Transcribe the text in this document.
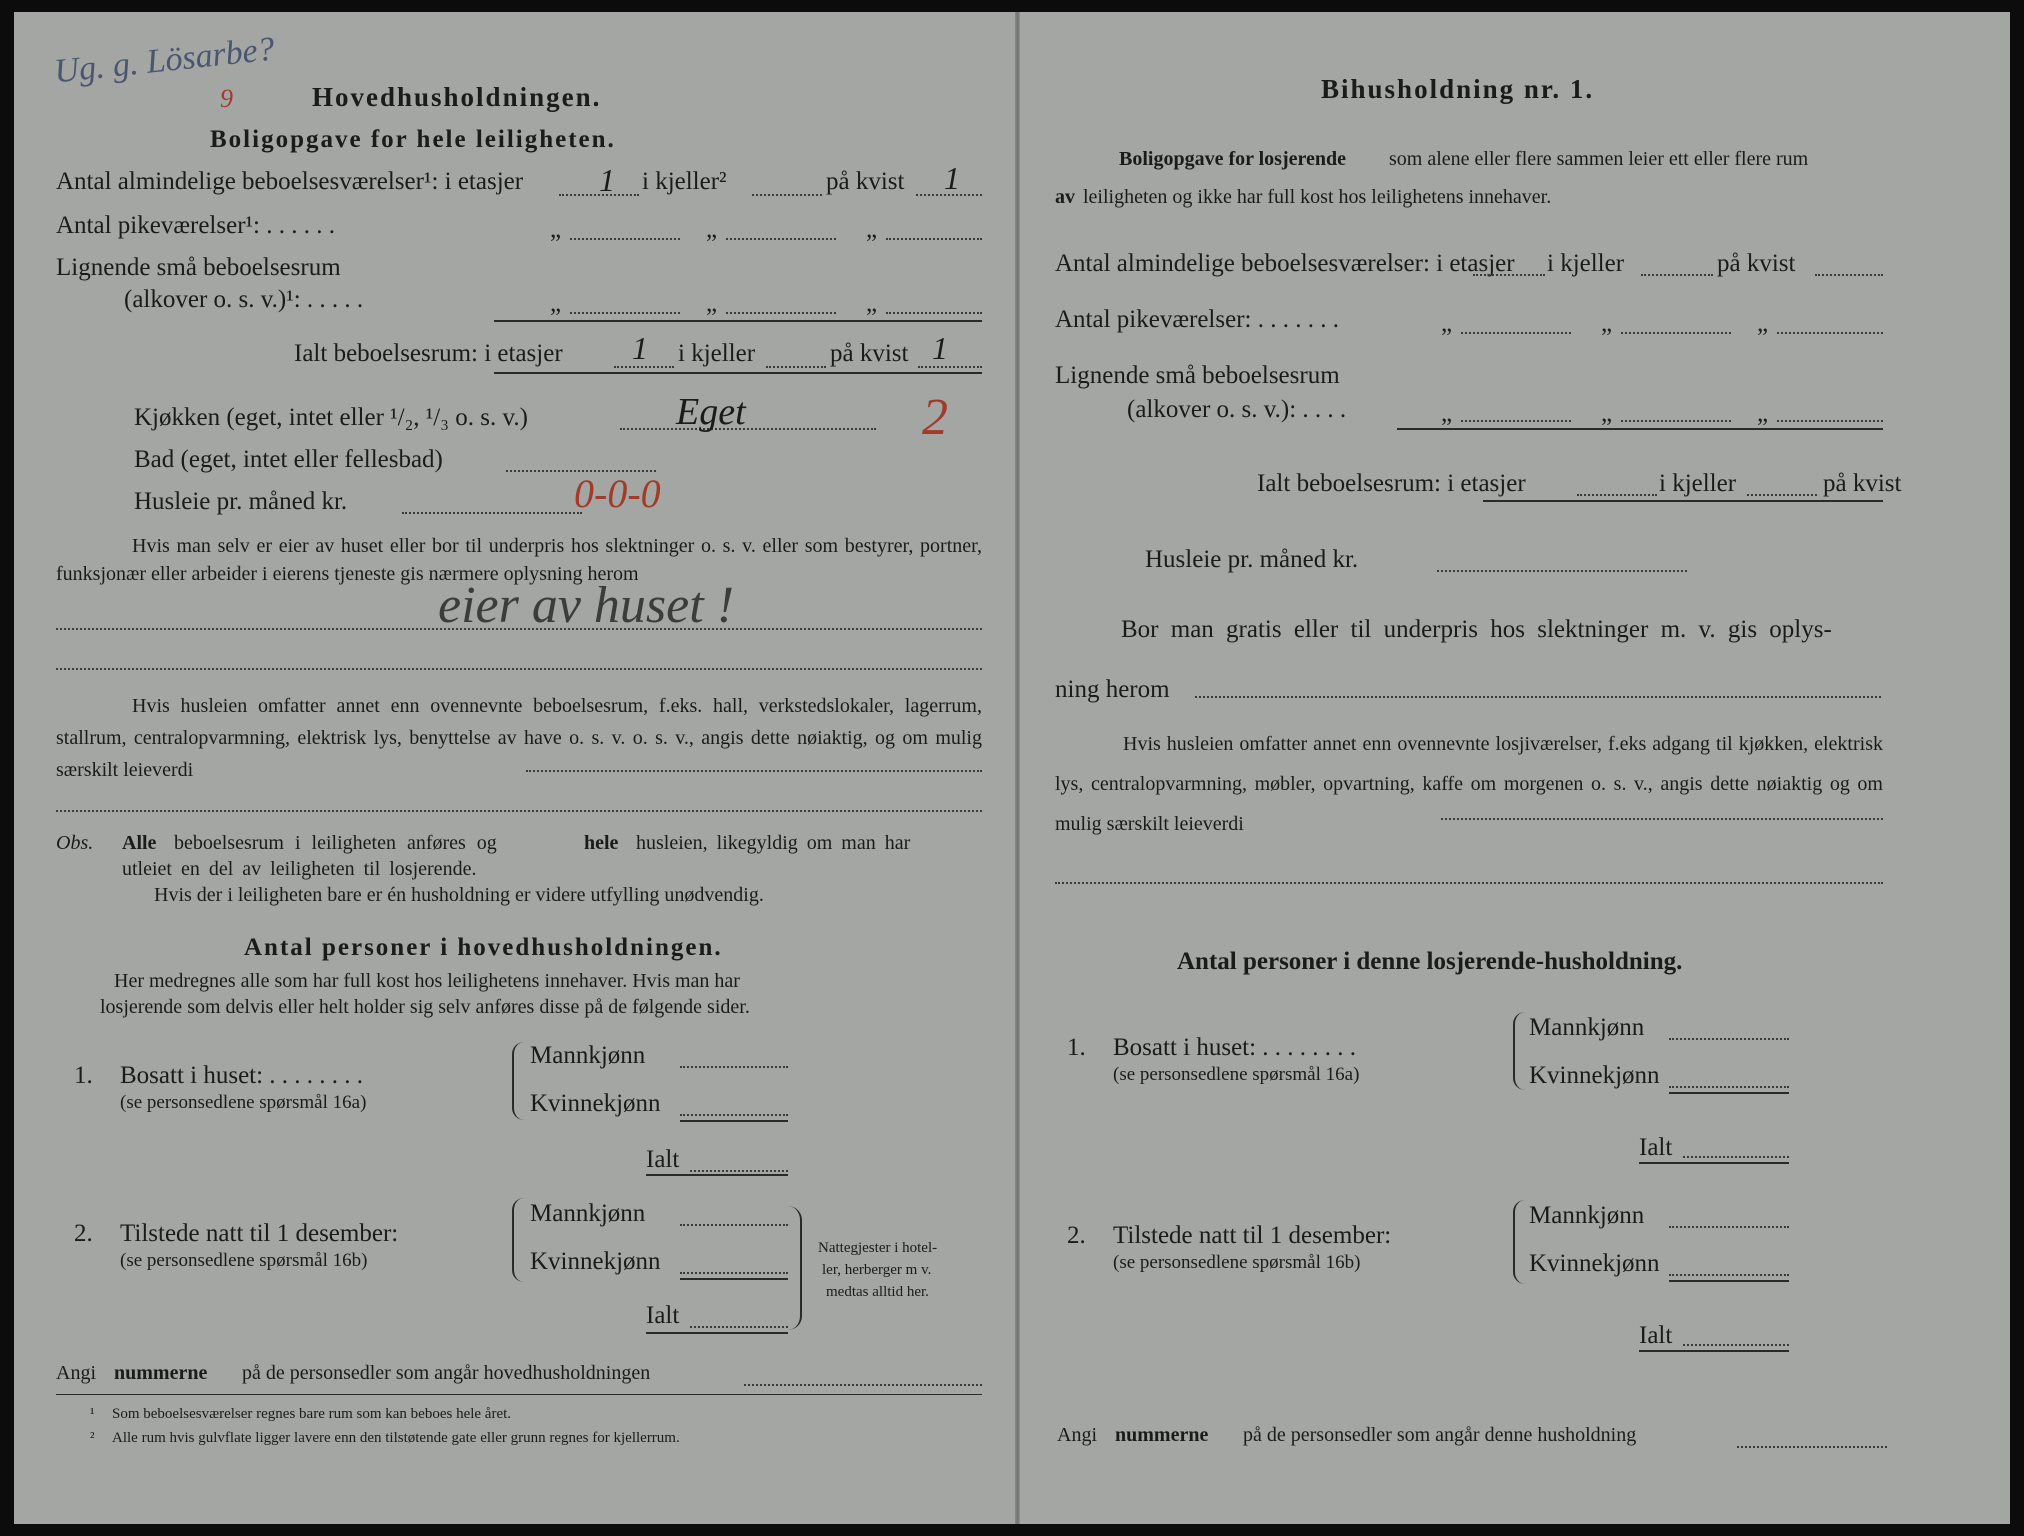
Ug. g. Lösarbe?
9	Hovedhusholdningen.
Boligopgave for hele leiligheten.
Antal almindelige beboelsesværelser¹: i etasjer 1 i kjeller²	på kvist 1
Antal pikeværelser¹: . . . . . .	„	„	„
Lignende små beboelsesrum
(alkover o. s. v.)¹: . . . . .	„	„	„
Ialt beboelsesrum: i etasjer 1 i kjeller	på kvist 1
Kjøkken (eget, intet eller ¹/₂, ¹/₃ o. s. v.)	Eget	2
Bad (eget, intet eller fellesbad)
Husleie pr. måned kr.	0-0-0
Hvis man selv er eier av huset eller bor til underpris hos slektninger o. s. v. eller som bestyrer, portner, funksjonær eller arbeider i eierens tjeneste gis nærmere oplysning herom
eier av huset !
Hvis husleien omfatter annet enn ovennevnte beboelsesrum, f.eks. hall, verkstedslokaler, lagerrum, stallrum, centralopvarmning, elektrisk lys, benyttelse av have o. s. v. o. s. v., angis dette nøiaktig, og om mulig særskilt leieverdi
Obs. Alle beboelsesrum i leiligheten anføres og	hele husleien, likegyldig om man har
utleiet en del av leiligheten til losjerende.
Hvis der i leiligheten bare er én husholdning er videre utfylling unødvendig.
Antal personer i hovedhusholdningen.
Her medregnes alle som har full kost hos leilighetens innehaver. Hvis man har
losjerende som delvis eller helt holder sig selv anføres disse på de følgende sider.
1. Bosatt i huset: . . . . . . . .
(se personsedlene spørsmål 16a)
Mannkjønn
Kvinnekjønn
Ialt
2. Tilstede natt til 1 desember:
(se personsedlene spørsmål 16b)
Mannkjønn
Kvinnekjønn
Ialt
Nattegjester i hotel-
ler, herberger m v.
medtas alltid her.
Angi nummerne på de personsedler som angår hovedhusholdningen
¹ Som beboelsesværelser regnes bare rum som kan beboes hele året.
² Alle rum hvis gulvflate ligger lavere enn den tilstøtende gate eller grunn regnes for kjellerrum.
Bihusholdning nr. 1.
Boligopgave for losjerende som alene eller flere sammen leier ett eller flere rum
av leiligheten og ikke har full kost hos leilighetens innehaver.
Antal almindelige beboelsesværelser: i etasjer i kjeller	på kvist
Antal pikeværelser: . . . . . . .	„	„	„
Lignende små beboelsesrum
(alkover o. s. v.): . . . .	„	„	„
Ialt beboelsesrum: i etasjer	i kjeller	på kvist
Husleie pr. måned kr.
Bor man gratis eller til underpris hos slektninger m. v. gis oplys-
ning herom
Hvis husleien omfatter annet enn ovennevnte losjiværelser, f.eks adgang til kjøkken, elektrisk lys, centralopvarmning, møbler, opvartning, kaffe om morgenen o. s. v., angis dette nøiaktig og om mulig særskilt leieverdi
Antal personer i denne losjerende-husholdning.
1. Bosatt i huset: . . . . . . . .
(se personsedlene spørsmål 16a)
Mannkjønn
Kvinnekjønn
Ialt
2. Tilstede natt til 1 desember:
(se personsedlene spørsmål 16b)
Mannkjønn
Kvinnekjønn
Ialt
Angi nummerne på de personsedler som angår denne husholdning
